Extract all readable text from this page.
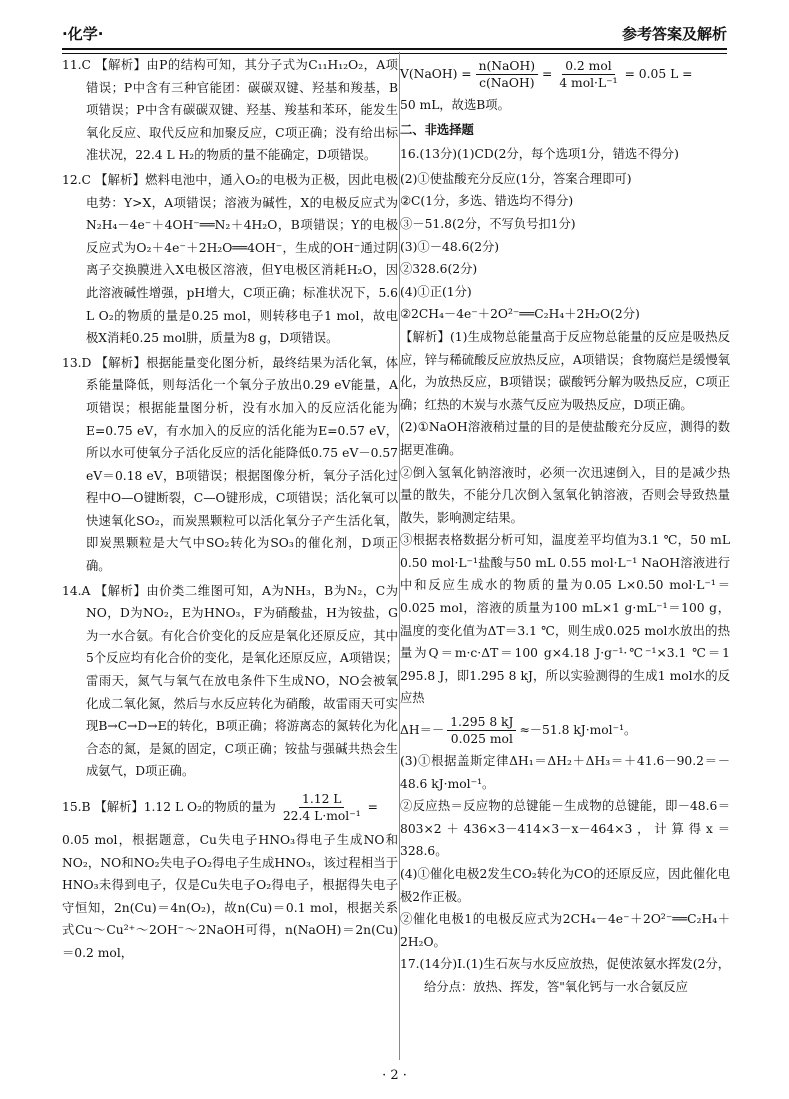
·化学·	参考答案及解析

11.C 【解析】由P的结构可知，其分子式为C₁₁H₁₂O₂，A项错误；P中含有三种官能团：碳碳双键、羟基和羧基，B项错误；P中含有碳碳双键、羟基、羧基和苯环，能发生氧化反应、取代反应和加聚反应，C项正确；没有给出标准状况，22.4 L H₂的物质的量不能确定，D项错误。

12.C 【解析】燃料电池中，通入O₂的电极为正极，因此电极电势：Y>X，A项错误；溶液为碱性，X的电极反应式为N₂H₄－4e⁻＋4OH⁻══N₂＋4H₂O，B项错误；Y的电极反应式为O₂＋4e⁻＋2H₂O══4OH⁻，生成的OH⁻通过阴离子交换膜进入X电极区溶液，但Y电极区消耗H₂O，因此溶液碱性增强，pH增大，C项正确；标准状况下，5.6 L O₂的物质的量是0.25 mol，则转移电子1 mol，故电极X消耗0.25 mol肼，质量为8 g，D项错误。

13.D 【解析】根据能量变化图分析，最终结果为活化氧，体系能量降低，则每活化一个氧分子放出0.29 eV能量，A项错误；根据能量图分析，没有水加入的反应活化能为E=0.75 eV，有水加入的反应的活化能为E=0.57 eV，所以水可使氧分子活化反应的活化能降低0.75 eV－0.57 eV＝0.18 eV，B项错误；根据图像分析，氧分子活化过程中O—O键断裂，C—O键形成，C项错误；活化氧可以快速氧化SO₂，而炭黑颗粒可以活化氧分子产生活化氧，即炭黑颗粒是大气中SO₂转化为SO₃的催化剂，D项正确。

14.A 【解析】由价类二维图可知，A为NH₃，B为N₂，C为NO，D为NO₂，E为HNO₃，F为硝酸盐，H为铵盐，G为一水合氨。有化合价变化的反应是氧化还原反应，其中5个反应均有化合价的变化，是氧化还原反应，A项错误；雷雨天，氮气与氧气在放电条件下生成NO，NO会被氧化成二氧化氮，然后与水反应转化为硝酸，故雷雨天可实现B→C→D→E的转化，B项正确；将游离态的氮转化为化合态的氮，是氮的固定，C项正确；铵盐与强碱共热会生成氨气，D项正确。

15.B 【解析】1.12 L O₂的物质的量为 $\frac{1.12 L}{\text{22.4 L·mol⁻¹}}$ =

0.05 mol，根据题意，Cu失电子HNO₃得电子生成NO和NO₂，NO和NO₂失电子O₂得电子生成HNO₃，该过程相当于HNO₃未得到电子，仅是Cu失电子O₂得电子，根据得失电子守恒知，2n(Cu)＝4n(O₂)，故n(Cu)＝0.1 mol，根据关系式Cu～Cu²⁺～2OH⁻～2NaOH可得，n(NaOH)＝2n(Cu)＝0.2 mol，

V(NaOH) = $\frac{\text{n(NaOH)}}{\text{c(NaOH)}} = \frac{\text{0.2 mol}}{\text{4 mol·L⁻¹}} = 0.05$ L =

50 mL，故选B项。

二、非选择题

16.(13分)(1)CD(2分，每个选项1分，错选不得分)

(2)①使盐酸充分反应(1分，答案合理即可)

②C(1分，多选、错选均不得分)

③－51.8(2分，不写负号扣1分)

(3)①－48.6(2分)

②328.6(2分)

(4)①正(1分)

②2CH₄－4e⁻＋2O²⁻══C₂H₄＋2H₂O(2分)

【解析】(1)生成物总能量高于反应物总能量的反应是吸热反应，锌与稀硫酸反应放热反应，A项错误；食物腐烂是缓慢氧化，为放热反应，B项错误；碳酸钙分解为吸热反应，C项正确；红热的木炭与水蒸气反应为吸热反应，D项正确。

(2)①NaOH溶液稍过量的目的是使盐酸充分反应，测得的数据更准确。

②倒入氢氧化钠溶液时，必须一次迅速倒入，目的是减少热量的散失，不能分几次倒入氢氧化钠溶液，否则会导致热量散失，影响测定结果。

③根据表格数据分析可知，温度差平均值为3.1 ℃，50 mL 0.50 mol·L⁻¹盐酸与50 mL 0.55 mol·L⁻¹ NaOH溶液进行中和反应生成水的物质的量为0.05 L×0.50 mol·L⁻¹＝0.025 mol，溶液的质量为100 mL×1 g·mL⁻¹＝100 g，温度的变化值为ΔT＝3.1 ℃，则生成0.025 mol水放出的热量为Q＝m·c·ΔT＝100 g×4.18 J·g⁻¹·℃⁻¹×3.1 ℃＝1 295.8 J，即1.295 8 kJ，所以实验测得的生成1 mol水的反应热

$\Delta H=- \frac{1.295 8 kJ}{\text{0.025 mol}} \approx-51.8$ kJ·mol⁻¹。

(3)①根据盖斯定律ΔH₁＝ΔH₂＋ΔH₃＝＋41.6－90.2＝－48.6 kJ·mol⁻¹。

②反应热＝反应物的总键能－生成物的总键能，即－48.6＝803×2＋436×3－414×3－x－464×3，计算得x＝328.6。

(4)①催化电极2发生CO₂转化为CO的还原反应，因此催化电极2作正极。

②催化电极1的电极反应式为2CH₄－4e⁻＋2O²⁻══C₂H₄＋2H₂O。

17.(14分)Ⅰ.(1)生石灰与水反应放热，促使浓氨水挥发(2分，给分点：放热、挥发，答"氧化钙与一水合氨反应

· 2 ·
